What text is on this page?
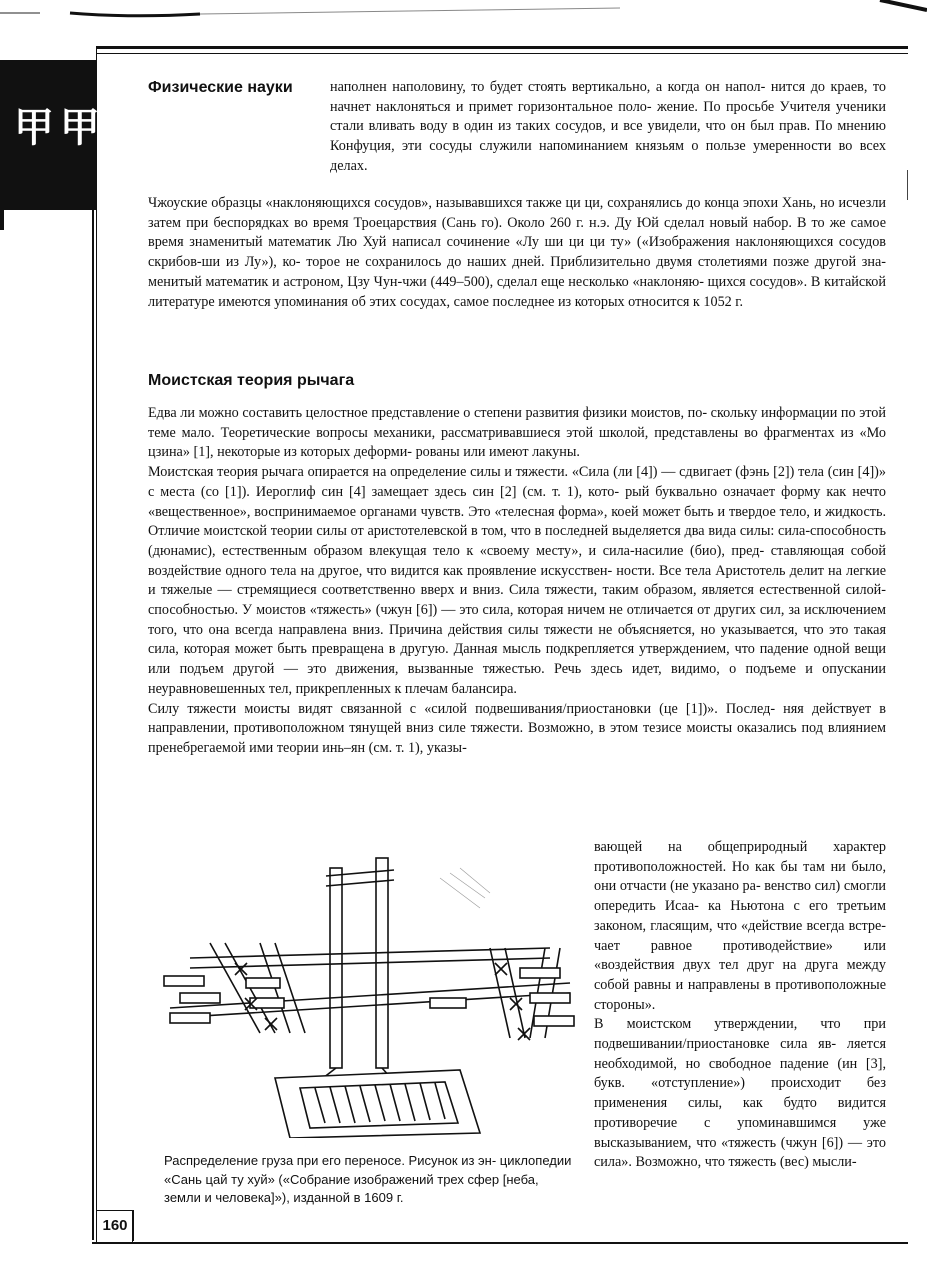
甲 甲
160
Физические науки	наполнен наполовину, то будет стоять вертикально, а когда он напол- нится до краев, то начнет наклоняться и примет горизонтальное поло- жение. По просьбе Учителя ученики стали вливать воду в один из таких сосудов, и все увидели, что он был прав. По мнению Конфуция, эти сосуды служили напоминанием князьям о пользе умеренности во всех делах.
Чжоуские образцы «наклоняющихся сосудов», называвшихся также ци ци, сохранялись до конца эпохи Хань, но исчезли затем при беспорядках во время Троецарствия (Сань го). Около 260 г. н.э. Ду Юй сделал новый набор. В то же самое время знаменитый математик Лю Хуй написал сочинение «Лу ши ци ци ту» («Изображения наклоняющихся сосудов скрибов-ши из Лу»), ко- торое не сохранилось до наших дней. Приблизительно двумя столетиями позже другой зна- менитый математик и астроном, Цзу Чун-чжи (449–500), сделал еще несколько «наклоняю- щихся сосудов». В китайской литературе имеются упоминания об этих сосудах, самое последнее из которых относится к 1052 г.
Моистская теория рычага

Едва ли можно составить целостное представление о степени развития физики моистов, по- скольку информации по этой теме мало. Теоретические вопросы механики, рассматривавшиеся этой школой, представлены во фрагментах из «Мо цзина» [1], некоторые из которых деформи- рованы или имеют лакуны.

Моистская теория рычага опирается на определение силы и тяжести. «Сила (ли [4]) — сдвигает (фэнь [2]) тела (син [4])» с места (со [1]). Иероглиф син [4] замещает здесь син [2] (см. т. 1), кото- рый буквально означает форму как нечто «вещественное», воспринимаемое органами чувств. Это «телесная форма», коей может быть и твердое тело, и жидкость. Отличие моистской теории силы от аристотелевской в том, что в последней выделяется два вида силы: сила-способность (дюнамис), естественным образом влекущая тело к «своему месту», и сила-насилие (био), пред- ставляющая собой воздействие одного тела на другое, что видится как проявление искусствен- ности. Все тела Аристотель делит на легкие и тяжелые — стремящиеся соответственно вверх и вниз. Сила тяжести, таким образом, является естественной силой-способностью. У моистов «тяжесть» (чжун [6]) — это сила, которая ничем не отличается от других сил, за исключением того, что она всегда направлена вниз. Причина действия силы тяжести не объясняется, но указывается, что это такая сила, которая может быть превращена в другую. Данная мысль подкрепляется утверждением, что падение одной вещи или подъем другой — это движения, вызванные тяжестью. Речь здесь идет, видимо, о подъеме и опускании неуравновешенных тел, прикрепленных к плечам балансира.

Силу тяжести моисты видят связанной с «силой подвешивания/приостановки (це [1])». Послед- няя действует в направлении, противоположном тянущей вниз силе тяжести. Возможно, в этом тезисе моисты оказались под влиянием пренебрегаемой ими теории инь–ян (см. т. 1), указы-

вающей на общеприродный характер противоположностей. Но как бы там ни было, они отчасти (не указано ра- венство сил) смогли опередить Исаа- ка Ньютона с его третьим законом, гласящим, что «действие всегда встре- чает равное противодействие» или «воздействия двух тел друг на друга между собой равны и направлены в противоположные стороны».

В моистском утверждении, что при подвешивании/приостановке сила яв- ляется необходимой, но свободное падение (ин [3], букв. «отступление») происходит без применения силы, как будто видится противоречие с упоминавшимся уже высказыванием, что «тяжесть (чжун [6]) — это сила». Возможно, что тяжесть (вес) мысли-

Распределение груза при его переносе. Рисунок из эн- циклопедии «Сань цай ту хуй» («Собрание изображений трех сфер [неба, земли и человека]»), изданной в 1609 г.
